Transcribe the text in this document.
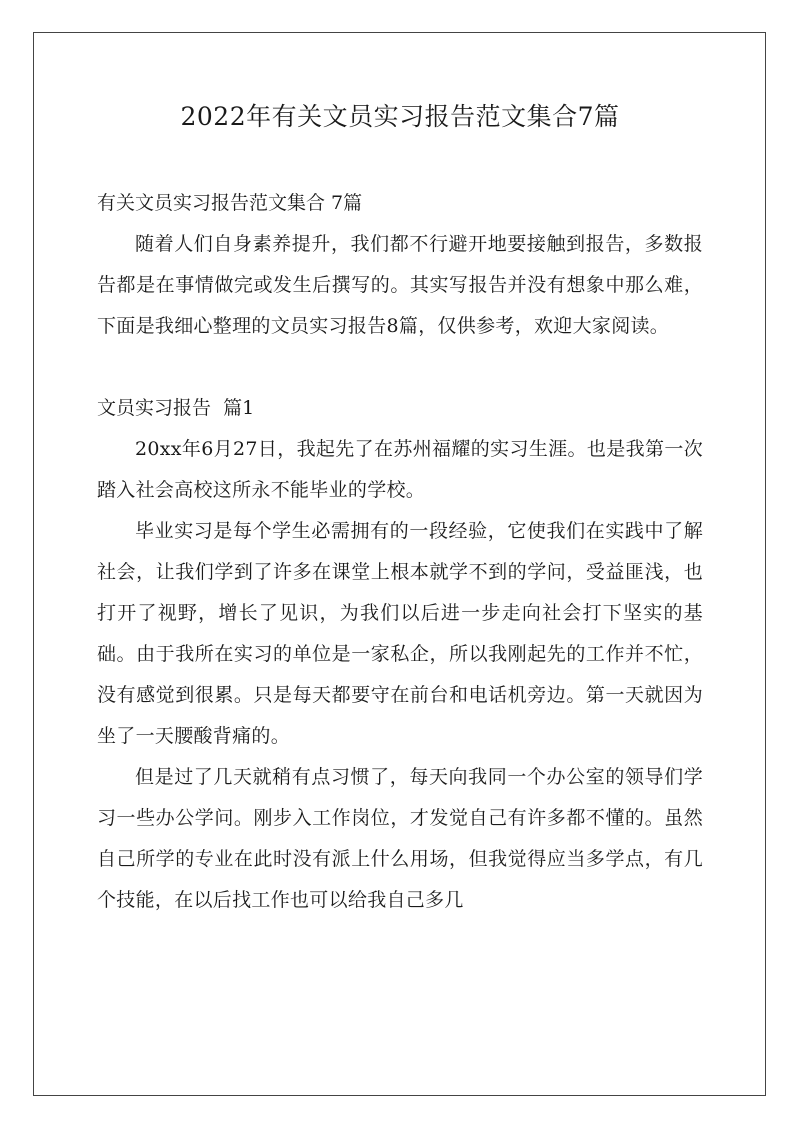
2022年有关文员实习报告范文集合7篇

有关文员实习报告范文集合 7篇

随着人们自身素养提升，我们都不行避开地要接触到报告，多数报告都是在事情做完或发生后撰写的。其实写报告并没有想象中那么难，下面是我细心整理的文员实习报告8篇，仅供参考，欢迎大家阅读。

文员实习报告  篇1

20xx年6月27日，我起先了在苏州福耀的实习生涯。也是我第一次踏入社会高校这所永不能毕业的学校。

毕业实习是每个学生必需拥有的一段经验，它使我们在实践中了解社会，让我们学到了许多在课堂上根本就学不到的学问，受益匪浅，也打开了视野，增长了见识，为我们以后进一步走向社会打下坚实的基础。由于我所在实习的单位是一家私企，所以我刚起先的工作并不忙，没有感觉到很累。只是每天都要守在前台和电话机旁边。第一天就因为坐了一天腰酸背痛的。

但是过了几天就稍有点习惯了，每天向我同一个办公室的领导们学习一些办公学问。刚步入工作岗位，才发觉自己有许多都不懂的。虽然自己所学的专业在此时没有派上什么用场，但我觉得应当多学点，有几个技能，在以后找工作也可以给我自己多几
